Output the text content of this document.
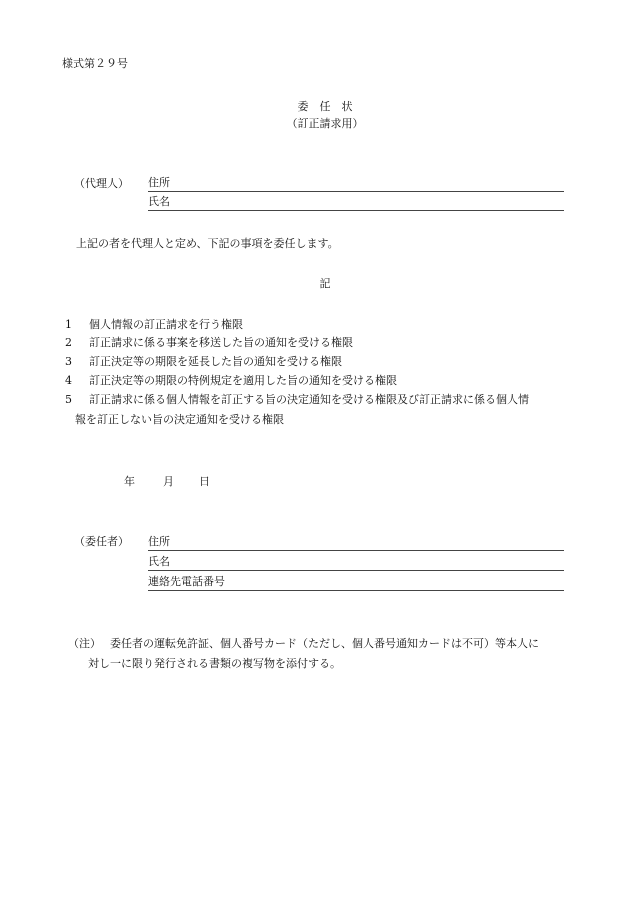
様式第２９号
委　任　状
（訂正請求用）
（代理人） 住所
氏名
上記の者を代理人と定め、下記の事項を委任します。
記
1 個人情報の訂正請求を行う権限
2 訂正請求に係る事案を移送した旨の通知を受ける権限
3 訂正決定等の期限を延長した旨の通知を受ける権限
4 訂正決定等の期限の特例規定を適用した旨の通知を受ける権限
5 訂正請求に係る個人情報を訂正する旨の決定通知を受ける権限及び訂正請求に係る個人情
報を訂正しない旨の決定通知を受ける権限
年	月 日
（委任者） 住所
氏名
連絡先電話番号
（注） 委任者の運転免許証、個人番号カード（ただし、個人番号通知カードは不可）等本人に
対し一に限り発行される書類の複写物を添付する。
